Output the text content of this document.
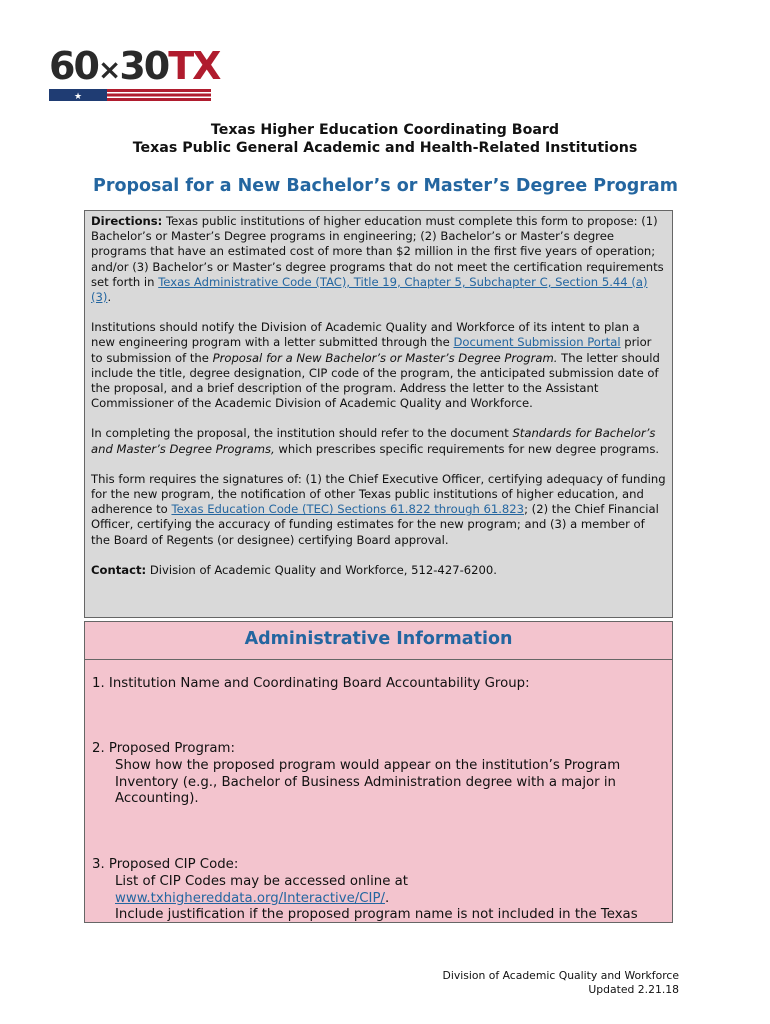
60×30TX
★
Texas Higher Education Coordinating Board
Texas Public General Academic and Health-Related Institutions
Proposal for a New Bachelor’s or Master’s Degree Program

Directions: Texas public institutions of higher education must complete this form to propose: (1) Bachelor’s or Master’s Degree programs in engineering; (2) Bachelor’s or Master’s degree programs that have an estimated cost of more than $2 million in the first five years of operation; and/or (3) Bachelor’s or Master’s degree programs that do not meet the certification requirements set forth in Texas Administrative Code (TAC), Title 19, Chapter 5, Subchapter C, Section 5.44 (a) (3).

Institutions should notify the Division of Academic Quality and Workforce of its intent to plan a new engineering program with a letter submitted through the Document Submission Portal prior to submission of the Proposal for a New Bachelor’s or Master’s Degree Program. The letter should include the title, degree designation, CIP code of the program, the anticipated submission date of the proposal, and a brief description of the program. Address the letter to the Assistant Commissioner of the Academic Division of Academic Quality and Workforce.

In completing the proposal, the institution should refer to the document Standards for Bachelor’s and Master’s Degree Programs, which prescribes specific requirements for new degree programs.

This form requires the signatures of: (1) the Chief Executive Officer, certifying adequacy of funding for the new program, the notification of other Texas public institutions of higher education, and adherence to Texas Education Code (TEC) Sections 61.822 through 61.823; (2) the Chief Financial Officer, certifying the accuracy of funding estimates for the new program; and (3) a member of the Board of Regents (or designee) certifying Board approval.

Contact: Division of Academic Quality and Workforce, 512-427-6200.

Administrative Information
1. Institution Name and Coordinating Board Accountability Group:
2. Proposed Program:
Show how the proposed program would appear on the institution’s Program Inventory (e.g., Bachelor of Business Administration degree with a major in Accounting).
3. Proposed CIP Code:
List of CIP Codes may be accessed online at
www.txhighereddata.org/Interactive/CIP/.
Include justification if the proposed program name is not included in the Texas
Division of Academic Quality and Workforce
Updated 2.21.18
